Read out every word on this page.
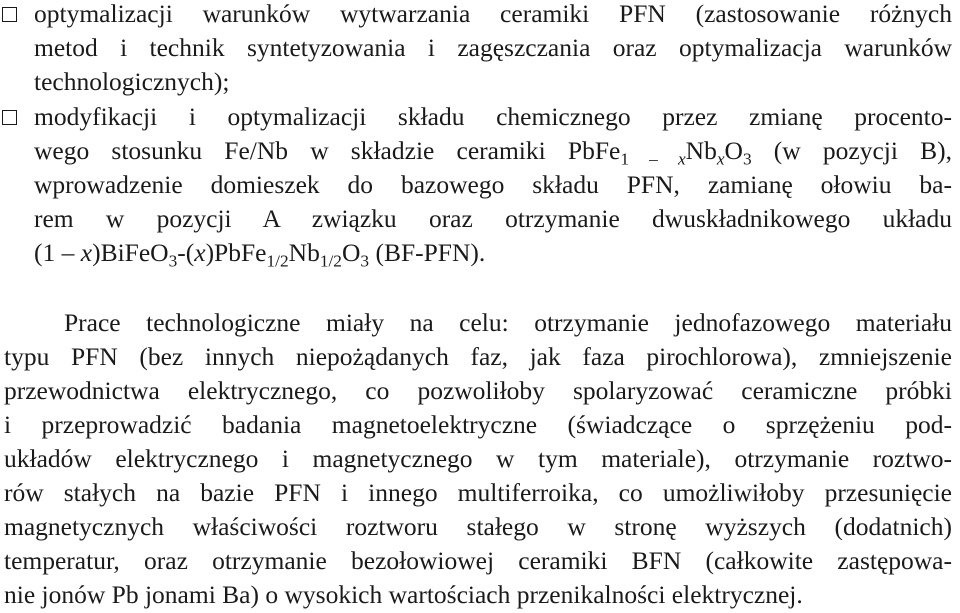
optymalizacji warunków wytwarzania ceramiki PFN (zastosowanie różnych
metod i technik syntetyzowania i zagęszczania oraz optymalizacja warunków
technologicznych);
modyfikacji i optymalizacji składu chemicznego przez zmianę procento-
wego stosunku Fe/Nb w składzie ceramiki $PbFe_{1 - x}Nb_xO_3$ (w pozycji B),
wprowadzenie domieszek do bazowego składu PFN, zamianę ołowiu ba-
rem w pozycji A związku oraz otrzymanie dwuskładnikowego układu
$(1 - x)BiFeO_3-(x)PbFe_{1/2}Nb_{1/2}O_3$ (BF-PFN).
Prace technologiczne miały na celu: otrzymanie jednofazowego materiału
typu PFN (bez innych niepożądanych faz, jak faza pirochlorowa), zmniejszenie
przewodnictwa elektrycznego, co pozwoliłoby spolaryzować ceramiczne próbki
i przeprowadzić badania magnetoelektryczne (świadczące o sprzężeniu pod-
układów elektrycznego i magnetycznego w tym materiale), otrzymanie roztwo-
rów stałych na bazie PFN i innego multiferroika, co umożliwiłoby przesunięcie
magnetycznych właściwości roztworu stałego w stronę wyższych (dodatnich)
temperatur, oraz otrzymanie bezołowiowej ceramiki BFN (całkowite zastępowa-
nie jonów Pb jonami Ba) o wysokich wartościach przenikalności elektrycznej.
